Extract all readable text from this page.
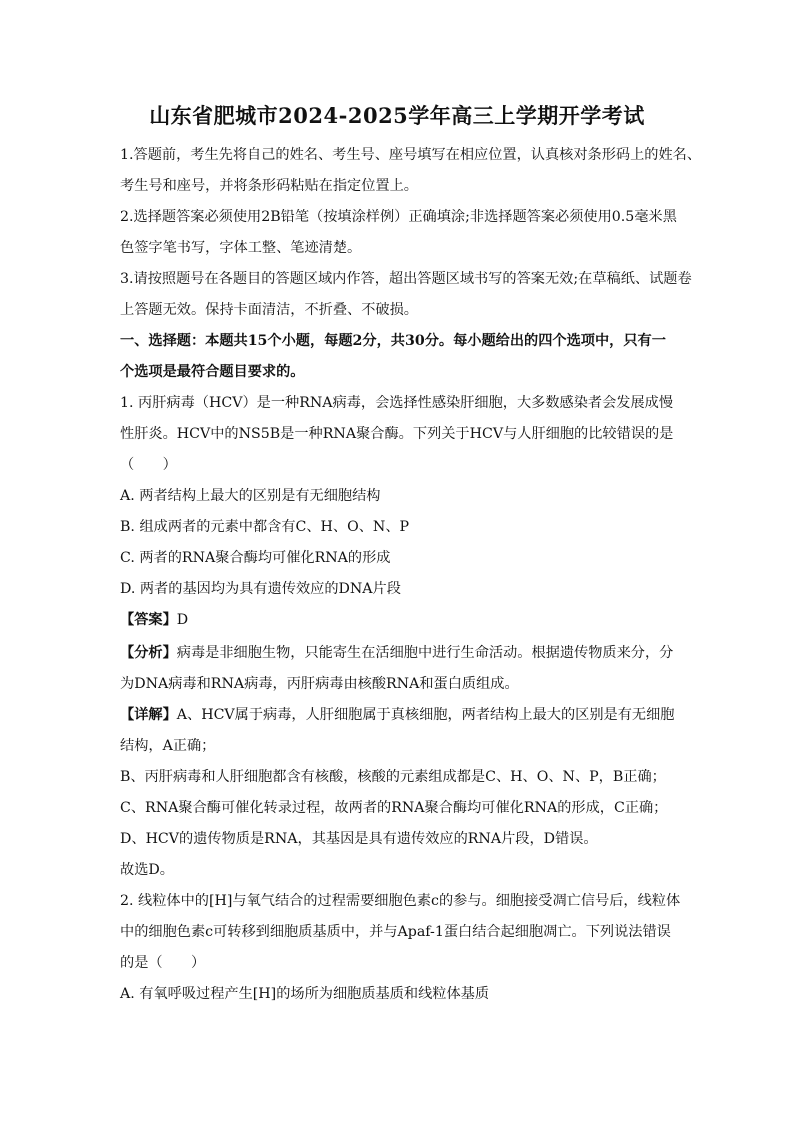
山东省肥城市2024-2025学年高三上学期开学考试
1.答题前，考生先将自己的姓名、考生号、座号填写在相应位置，认真核对条形码上的姓名、
考生号和座号，并将条形码粘贴在指定位置上。
2.选择题答案必须使用2B铅笔（按填涂样例）正确填涂;非选择题答案必须使用0.5毫米黑
色签字笔书写，字体工整、笔迹清楚。
3.请按照题号在各题目的答题区域内作答，超出答题区域书写的答案无效;在草稿纸、试题卷
上答题无效。保持卡面清洁，不折叠、不破损。
一、选择题：本题共15个小题，每题2分，共30分。每小题给出的四个选项中，只有一
个选项是最符合题目要求的。
1. 丙肝病毒（HCV）是一种RNA病毒，会选择性感染肝细胞，大多数感染者会发展成慢
性肝炎。HCV中的NS5B是一种RNA聚合酶。下列关于HCV与人肝细胞的比较错误的是
（　　）
A. 两者结构上最大的区别是有无细胞结构
B. 组成两者的元素中都含有C、H、O、N、P
C. 两者的RNA聚合酶均可催化RNA的形成
D. 两者的基因均为具有遗传效应的DNA片段
【答案】D
【分析】病毒是非细胞生物，只能寄生在活细胞中进行生命活动。根据遗传物质来分，分
为DNA病毒和RNA病毒，丙肝病毒由核酸RNA和蛋白质组成。
【详解】A、HCV属于病毒，人肝细胞属于真核细胞，两者结构上最大的区别是有无细胞
结构，A正确；
B、丙肝病毒和人肝细胞都含有核酸，核酸的元素组成都是C、H、O、N、P，B正确；
C、RNA聚合酶可催化转录过程，故两者的RNA聚合酶均可催化RNA的形成，C正确；
D、HCV的遗传物质是RNA，其基因是具有遗传效应的RNA片段，D错误。
故选D。
2. 线粒体中的[H]与氧气结合的过程需要细胞色素c的参与。细胞接受凋亡信号后，线粒体
中的细胞色素c可转移到细胞质基质中，并与Apaf-1蛋白结合起细胞凋亡。下列说法错误
的是（　　）
A. 有氧呼吸过程产生[H]的场所为细胞质基质和线粒体基质
